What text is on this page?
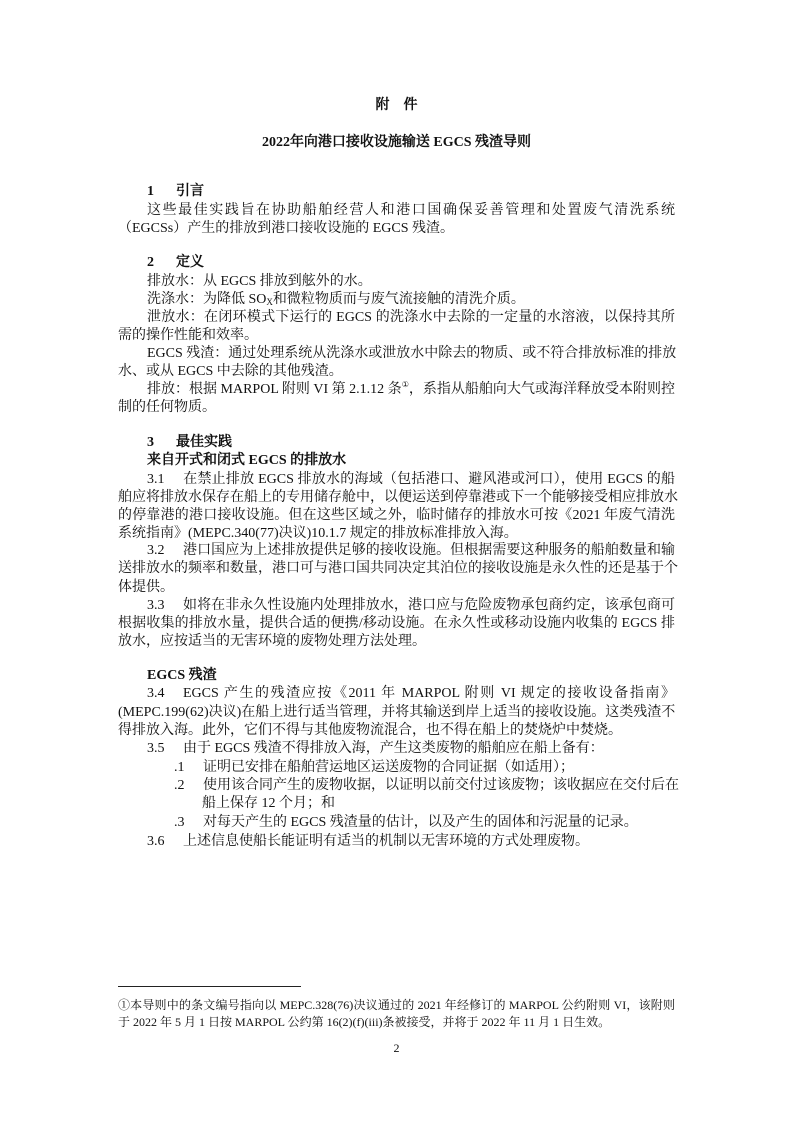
附　件
2022年向港口接收设施输送 EGCS 残渣导则
1 引言
这些最佳实践旨在协助船舶经营人和港口国确保妥善管理和处置废气清洗系统
（EGCSs）产生的排放到港口接收设施的 EGCS 残渣。
2 定义
排放水：从 EGCS 排放到舷外的水。
洗涤水：为降低 $SO_X$和微粒物质而与废气流接触的清洗介质。
泄放水：在闭环模式下运行的 EGCS 的洗涤水中去除的一定量的水溶液，以保持其所
需的操作性能和效率。
EGCS 残渣：通过处理系统从洗涤水或泄放水中除去的物质、或不符合排放标准的排放
水、或从 EGCS 中去除的其他残渣。
排放：根据 MARPOL 附则 VI 第 2.1.12 条①，系指从船舶向大气或海洋释放受本附则控
制的任何物质。
3 最佳实践
来自开式和闭式 EGCS 的排放水
3.1 在禁止排放 EGCS 排放水的海域（包括港口、避风港或河口），使用 EGCS 的船
舶应将排放水保存在船上的专用储存舱中，以便运送到停靠港或下一个能够接受相应排放水
的停靠港的港口接收设施。但在这些区域之外，临时储存的排放水可按《2021 年废气清洗
系统指南》(MEPC.340(77)决议)10.1.7 规定的排放标准排放入海。
3.2 港口国应为上述排放提供足够的接收设施。但根据需要这种服务的船舶数量和输
送排放水的频率和数量，港口可与港口国共同决定其泊位的接收设施是永久性的还是基于个
体提供。
3.3 如将在非永久性设施内处理排放水，港口应与危险废物承包商约定，该承包商可
根据收集的排放水量，提供合适的便携/移动设施。在永久性或移动设施内收集的 EGCS 排
放水，应按适当的无害环境的废物处理方法处理。
EGCS 残渣
3.4 EGCS 产生的残渣应按《2011 年 MARPOL 附则 VI 规定的接收设备指南》
(MEPC.199(62)决议)在船上进行适当管理，并将其输送到岸上适当的接收设施。这类残渣不
得排放入海。此外，它们不得与其他废物流混合，也不得在船上的焚烧炉中焚烧。
3.5 由于 EGCS 残渣不得排放入海，产生这类废物的船舶应在船上备有：
.1 证明已安排在船舶营运地区运送废物的合同证据（如适用）；
.2 使用该合同产生的废物收据，以证明以前交付过该废物；该收据应在交付后在
船上保存 12 个月；和
.3 对每天产生的 EGCS 残渣量的估计，以及产生的固体和污泥量的记录。
3.6 上述信息使船长能证明有适当的机制以无害环境的方式处理废物。
①本导则中的条文编号指向以 MEPC.328(76)决议通过的 2021 年经修订的 MARPOL 公约附则 VI，该附则
于 2022 年 5 月 1 日按 MARPOL 公约第 16(2)(f)(iii)条被接受，并将于 2022 年 11 月 1 日生效。
2
